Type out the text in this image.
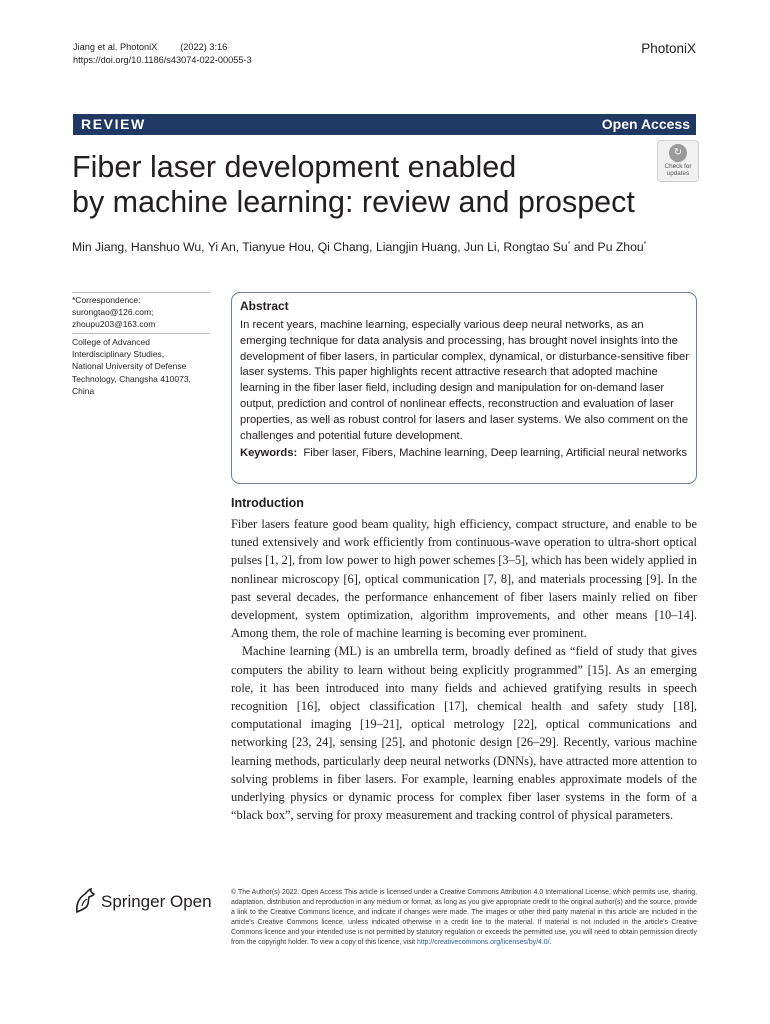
Jiang et al. PhotoniX         (2022) 3:16
https://doi.org/10.1186/s43074-022-00055-3
PhotoniX
REVIEW	Open Access
Fiber laser development enabled
by machine learning: review and prospect
↻
Check for updates
Min Jiang, Hanshuo Wu, Yi An, Tianyue Hou, Qi Chang, Liangjin Huang, Jun Li, Rongtao Su* and Pu Zhou*
*Correspondence:
surongtao@126.com;
zhoupu203@163.com
College of Advanced
Interdisciplinary Studies,
National University of Defense
Technology, Changsha 410073,
China
Abstract
In recent years, machine learning, especially various deep neural networks, as an emerging technique for data analysis and processing, has brought novel insights into the development of fiber lasers, in particular complex, dynamical, or disturbance-sensitive fiber laser systems. This paper highlights recent attractive research that adopted machine learning in the fiber laser field, including design and manipulation for on-demand laser output, prediction and control of nonlinear effects, reconstruction and evaluation of laser properties, as well as robust control for lasers and laser systems. We also comment on the challenges and potential future development.
Keywords: Fiber laser, Fibers, Machine learning, Deep learning, Artificial neural networks
Introduction

Fiber lasers feature good beam quality, high efficiency, compact structure, and enable to be tuned extensively and work efficiently from continuous-wave operation to ultra-short optical pulses [1, 2], from low power to high power schemes [3–5], which has been widely applied in nonlinear microscopy [6], optical communication [7, 8], and materials processing [9]. In the past several decades, the performance enhancement of fiber lasers mainly relied on fiber development, system optimization, algorithm improvements, and other means [10–14]. Among them, the role of machine learning is becoming ever prominent.

Machine learning (ML) is an umbrella term, broadly defined as “field of study that gives computers the ability to learn without being explicitly programmed” [15]. As an emerging role, it has been introduced into many fields and achieved gratifying results in speech recognition [16], object classification [17], chemical health and safety study [18], computational imaging [19–21], optical metrology [22], optical communications and networking [23, 24], sensing [25], and photonic design [26–29]. Recently, various machine learning methods, particularly deep neural networks (DNNs), have attracted more attention to solving problems in fiber lasers. For example, learning enables approximate models of the underlying physics or dynamic process for complex fiber laser systems in the form of a “black box”, serving for proxy measurement and tracking control of physical parameters.

Springer Open	© The Author(s) 2022. Open Access This article is licensed under a Creative Commons Attribution 4.0 International License, which permits use, sharing, adaptation, distribution and reproduction in any medium or format, as long as you give appropriate credit to the original author(s) and the source, provide a link to the Creative Commons licence, and indicate if changes were made. The images or other third party material in this article are included in the article's Creative Commons licence, unless indicated otherwise in a credit line to the material. If material is not included in the article's Creative Commons licence and your intended use is not permitted by statutory regulation or exceeds the permitted use, you will need to obtain permission directly from the copyright holder. To view a copy of this licence, visit http://creativecommons.org/licenses/by/4.0/.
